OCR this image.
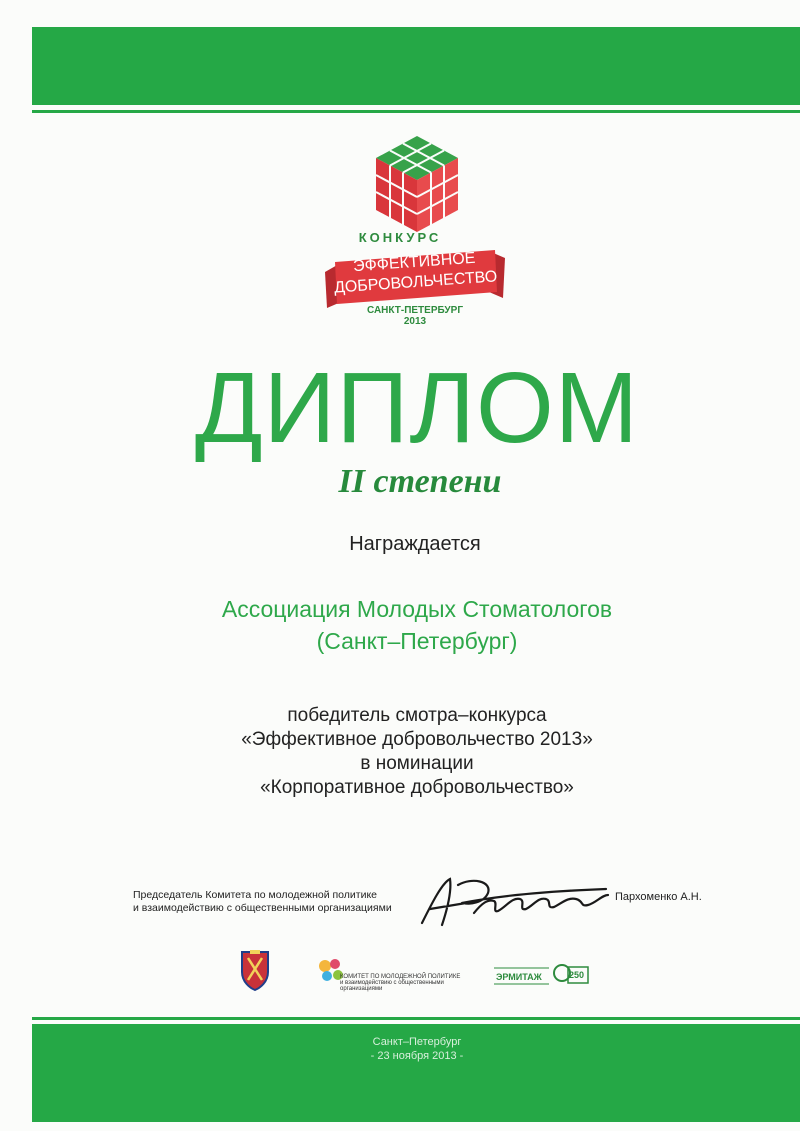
КОНКУРС
ЭФФЕКТИВНОЕ
ДОБРОВОЛЬЧЕСТВО
САНКТ-ПЕТЕРБУРГ
2013
ДИПЛОМ
II степени
Награждается
Ассоциация Молодых Стоматологов
(Санкт–Петербург)
победитель смотра–конкурса
«Эффективное добровольчество 2013»
в номинации
«Корпоративное добровольчество»
Председатель Комитета по молодежной политике
и взаимодействию с общественными организациями
Пархоменко А.Н.
КОМИТЕТ ПО МОЛОДЕЖНОЙ ПОЛИТИКЕ
и взаимодействию с общественными организациями
ЭРМИТАЖ	250
Санкт–Петербург
- 23 ноября 2013 -
